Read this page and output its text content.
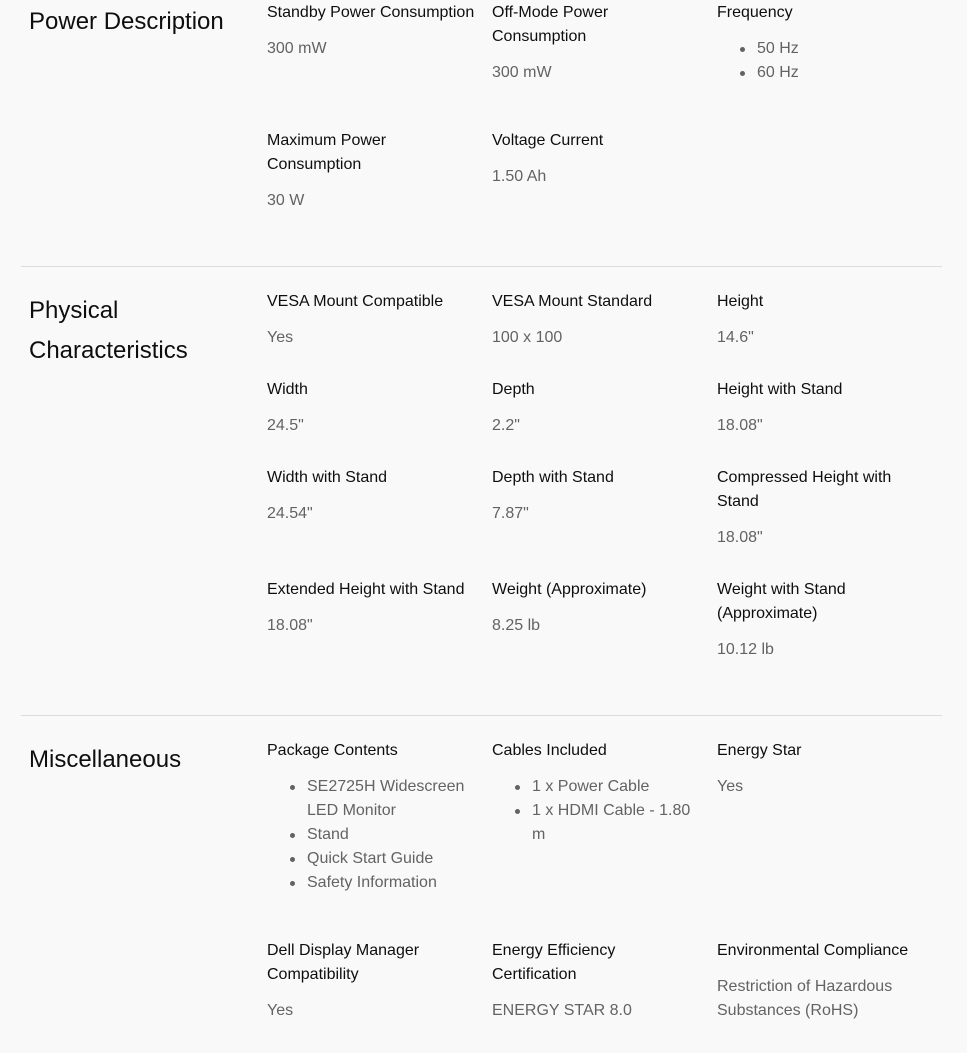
Power Description	Standby Power Consumption

300 mW

Off-Mode Power Consumption

300 mW

Frequency

50 Hz
60 Hz

Maximum Power Consumption

30 W

Voltage Current

1.50 Ah

Physical Characteristics

VESA Mount Compatible

Yes

VESA Mount Standard

100 x 100

Height

14.6"

Width

24.5"

Depth

2.2"

Height with Stand

18.08"

Width with Stand

24.54"

Depth with Stand

7.87"

Compressed Height with Stand

18.08"

Extended Height with Stand

18.08"

Weight (Approximate)

8.25 lb

Weight with Stand (Approximate)

10.12 lb

Miscellaneous	Package Contents

SE2725H Widescreen LED Monitor
Stand
Quick Start Guide
Safety Information

Cables Included

1 x Power Cable
1 x HDMI Cable - 1.80 m

Energy Star

Yes

Dell Display Manager Compatibility

Yes

Energy Efficiency Certification

ENERGY STAR 8.0

Environmental Compliance

Restriction of Hazardous Substances (RoHS)
